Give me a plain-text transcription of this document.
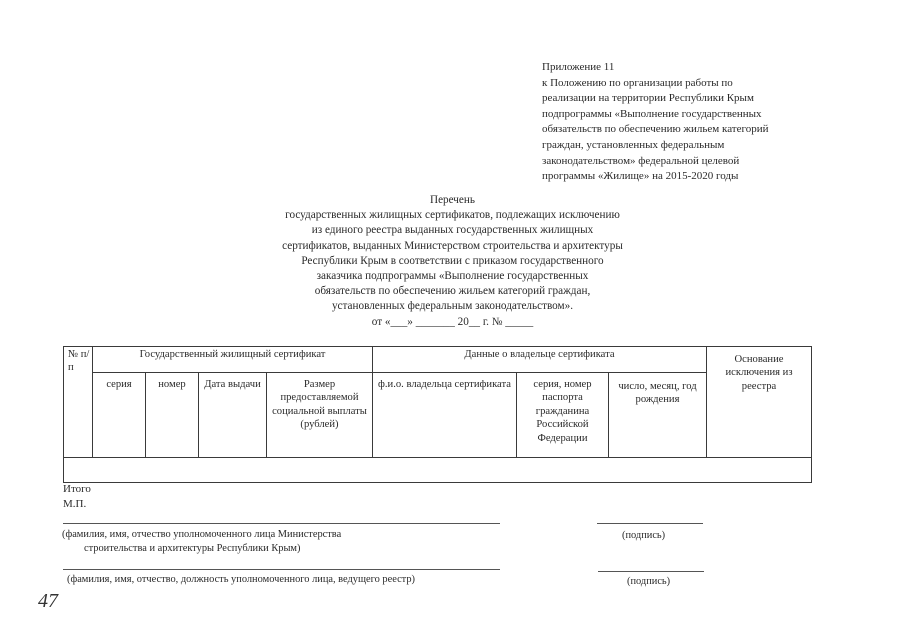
Приложение 11
к Положению по организации работы по
реализации на территории Республики Крым
подпрограммы «Выполнение государственных
обязательств по обеспечению жильем категорий
граждан, установленных федеральным
законодательством» федеральной целевой
программы «Жилище» на 2015-2020 годы
Перечень
государственных жилищных сертификатов, подлежащих исключению
из единого реестра выданных государственных жилищных
сертификатов, выданных Министерством строительства и архитектуры
Республики Крым в соответствии с приказом государственного
заказчика подпрограммы «Выполнение государственных
обязательств по обеспечению жильем категорий граждан,
установленных федеральным законодательством».
от «___» _______ 20__ г. № _____
№ п/п	Государственный жилищный сертификат				Данные о владельце сертификата			Основание исключения из реестра
	серия	номер	Дата выдачи	Размер предоставляемой социальной выплаты (рублей)	ф.и.о. владельца сертификата	серия, номер паспорта гражданина Российской Федерации	число, месяц, год рождения	

Итого
М.П.
(фамилия, имя, отчество уполномоченного лица Министерства
строительства и архитектуры Республики Крым)
(подпись)
(фамилия, имя, отчество, должность уполномоченного лица, ведущего реестр)	(подпись)
47
